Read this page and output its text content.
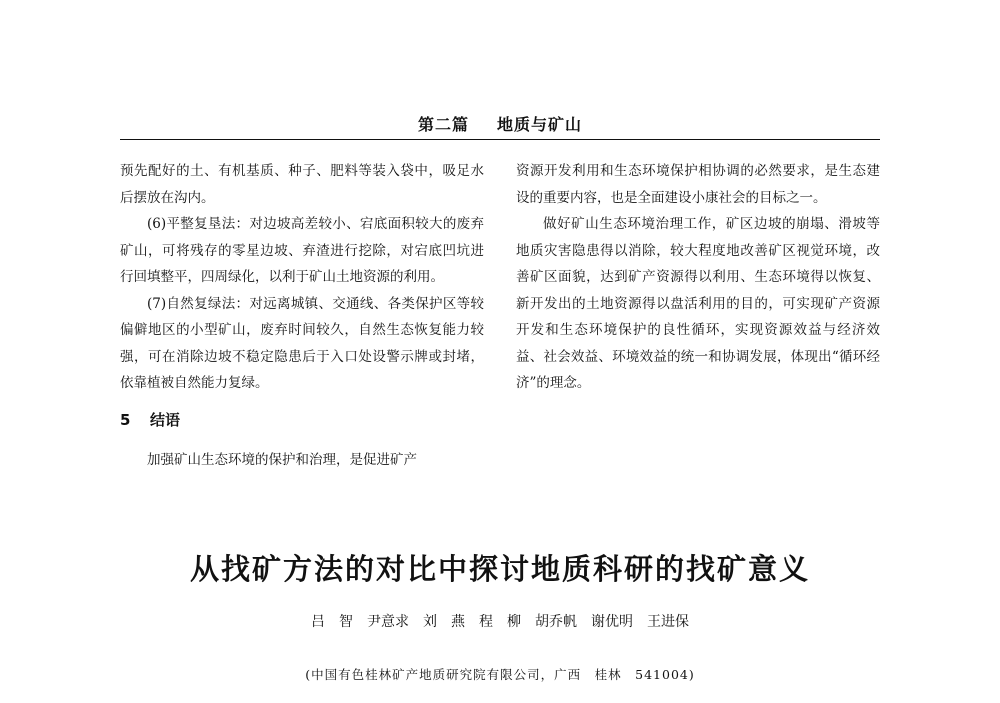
第二篇 地质与矿山

预先配好的土、有机基质、种子、肥料等装入袋中，吸足水后摆放在沟内。

(6)平整复垦法：对边坡高差较小、宕底面积较大的废弃矿山，可将残存的零星边坡、弃渣进行挖除，对宕底凹坑进行回填整平，四周绿化，以利于矿山土地资源的利用。

(7)自然复绿法：对远离城镇、交通线、各类保护区等较偏僻地区的小型矿山，废弃时间较久，自然生态恢复能力较强，可在消除边坡不稳定隐患后于入口处设警示牌或封堵，依靠植被自然能力复绿。

5 结语

加强矿山生态环境的保护和治理，是促进矿产

资源开发利用和生态环境保护相协调的必然要求，是生态建设的重要内容，也是全面建设小康社会的目标之一。

做好矿山生态环境治理工作，矿区边坡的崩塌、滑坡等地质灾害隐患得以消除，较大程度地改善矿区视觉环境，改善矿区面貌，达到矿产资源得以利用、生态环境得以恢复、新开发出的土地资源得以盘活利用的目的，可实现矿产资源开发和生态环境保护的良性循环，实现资源效益与经济效益、社会效益、环境效益的统一和协调发展，体现出“循环经济”的理念。

从找矿方法的对比中探讨地质科研的找矿意义
吕　智　尹意求　刘　燕　程　柳　胡乔帆　谢优明　王进保
(中国有色桂林矿产地质研究院有限公司，广西　桂林　541004)
